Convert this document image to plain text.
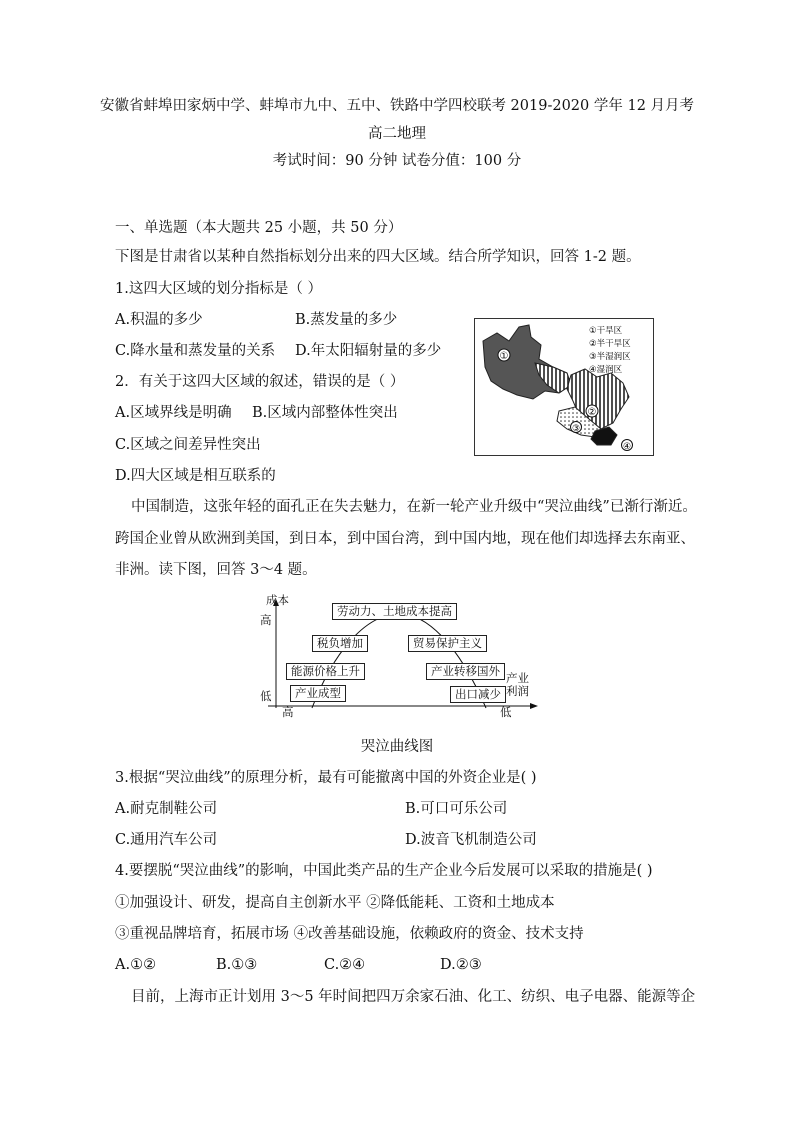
安徽省蚌埠田家炳中学、蚌埠市九中、五中、铁路中学四校联考 2019-2020 学年 12 月月考
高二地理
考试时间：90 分钟 试卷分值：100 分
一、单选题（本大题共 25 小题，共 50 分）
下图是甘肃省以某种自然指标划分出来的四大区域。结合所学知识，回答 1-2 题。
1.这四大区域的划分指标是（ ）
A.积温的多少	B.蒸发量的多少
C.降水量和蒸发量的关系 D.年太阳辐射量的多少
2．有关于这四大区域的叙述，错误的是（ ）
A.区域界线是明确 B.区域内部整体性突出
C.区域之间差异性突出
D.四大区域是相互联系的
①
②
③
④
①干旱区
②半干旱区
③半湿润区
④湿润区
中国制造，这张年轻的面孔正在失去魅力，在新一轮产业升级中“哭泣曲线”已渐行渐近。
跨国企业曾从欧洲到美国，到日本，到中国台湾，到中国内地，现在他们却选择去东南亚、
非洲。读下图，回答 3～4 题。
成本
高
低
高	低
产业
利润
劳动力、土地成本提高
税负增加	贸易保护主义
能源价格上升	产业转移国外
产业成型	出口减少
哭泣曲线图
3.根据“哭泣曲线”的原理分析，最有可能撤离中国的外资企业是( )
A.耐克制鞋公司	B.可口可乐公司
C.通用汽车公司	D.波音飞机制造公司
4.要摆脱“哭泣曲线”的影响，中国此类产品的生产企业今后发展可以采取的措施是( )
①加强设计、研发，提高自主创新水平 ②降低能耗、工资和土地成本
③重视品牌培育，拓展市场 ④改善基础设施，依赖政府的资金、技术支持
A.①②	B.①③	C.②④	D.②③
目前，上海市正计划用 3～5 年时间把四万余家石油、化工、纺织、电子电器、能源等企
